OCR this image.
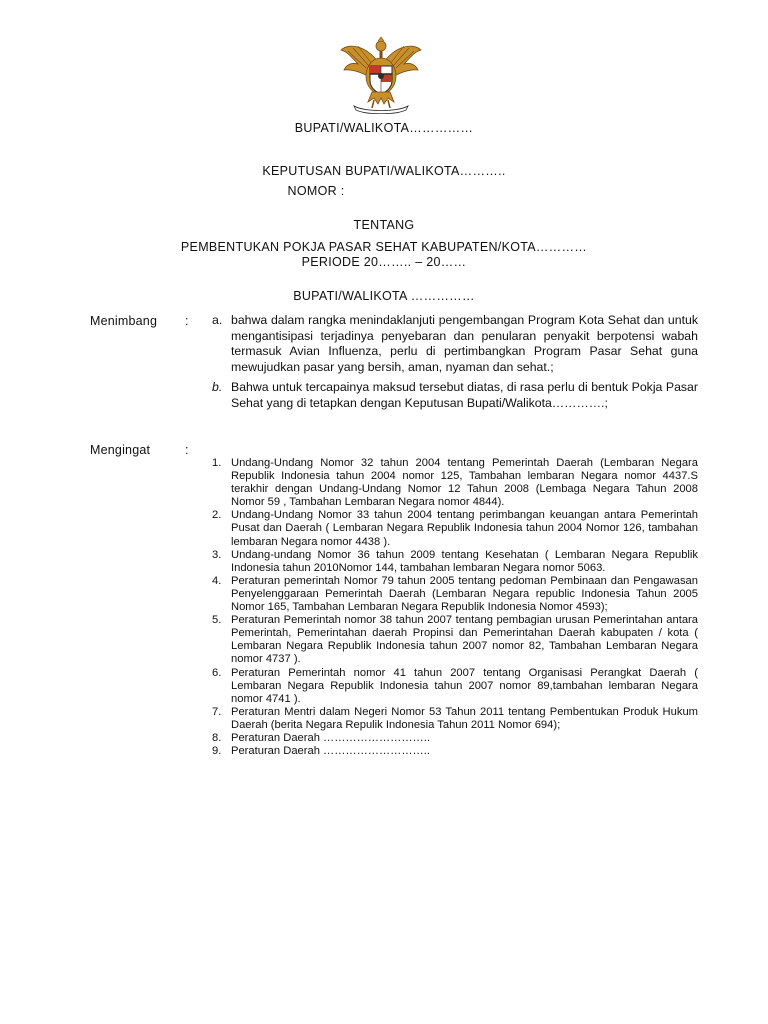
BUPATI/WALIKOTA……………
KEPUTUSAN BUPATI/WALIKOTA………..
NOMOR :
TENTANG
PEMBENTUKAN POKJA PASAR SEHAT KABUPATEN/KOTA…………
PERIODE 20…….. – 20……
BUPATI/WALIKOTA ……………
Menimbang : a. bahwa dalam rangka menindaklanjuti pengembangan Program Kota Sehat dan untuk mengantisipasi terjadinya penyebaran dan penularan penyakit berpotensi wabah termasuk Avian Influenza, perlu di pertimbangkan Program Pasar Sehat guna mewujudkan pasar yang bersih, aman, nyaman dan sehat.;
b. Bahwa untuk tercapainya maksud tersebut diatas, di rasa perlu di bentuk Pokja Pasar Sehat yang di tetapkan dengan Keputusan Bupati/Walikota………….;
Mengingat	:
1. Undang-Undang Nomor 32 tahun 2004 tentang Pemerintah Daerah (Lembaran Negara Republik Indonesia tahun 2004 nomor 125, Tambahan lembaran Negara nomor 4437.S terakhir dengan Undang-Undang Nomor 12 Tahun 2008 (Lembaga Negara Tahun 2008 Nomor 59 , Tambahan Lembaran Negara nomor 4844).
2. Undang-Undang Nomor 33 tahun 2004 tentang perimbangan keuangan antara Pemerintah Pusat dan Daerah ( Lembaran Negara Republik Indonesia tahun 2004 Nomor 126, tambahan lembaran Negara nomor 4438 ).
3. Undang-undang Nomor 36 tahun 2009 tentang Kesehatan ( Lembaran Negara Republik Indonesia tahun 2010Nomor 144, tambahan lembaran Negara nomor 5063.
4. Peraturan pemerintah Nomor 79 tahun 2005 tentang pedoman Pembinaan dan Pengawasan Penyelenggaraan Pemerintah Daerah (Lembaran Negara republic Indonesia Tahun 2005 Nomor 165, Tambahan Lembaran Negara Republik Indonesia Nomor 4593);
5. Peraturan Pemerintah nomor 38 tahun 2007 tentang pembagian urusan Pemerintahan antara Pemerintah, Pemerintahan daerah Propinsi dan Pemerintahan Daerah kabupaten / kota ( Lembaran Negara Republik Indonesia tahun 2007 nomor 82, Tambahan Lembaran Negara nomor 4737 ).
6. Peraturan Pemerintah nomor 41 tahun 2007 tentang Organisasi Perangkat Daerah ( Lembaran Negara Republik Indonesia tahun 2007 nomor 89,tambahan lembaran Negara nomor 4741 ).
7. Peraturan Mentri dalam Negeri Nomor 53 Tahun 2011 tentang Pembentukan Produk Hukum Daerah (berita Negara Repulik Indonesia Tahun 2011 Nomor 694);
8. Peraturan Daerah ………………………..
9. Peraturan Daerah ………………………..
